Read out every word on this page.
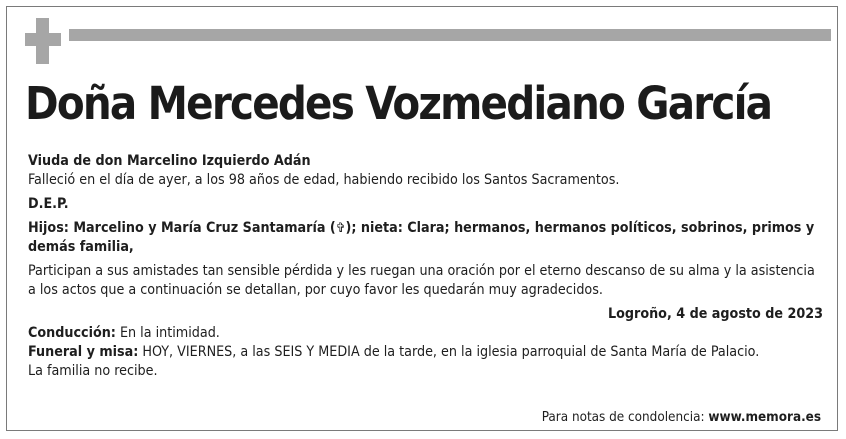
Doña Mercedes Vozmediano García

Viuda de don Marcelino Izquierdo Adán

Falleció en el día de ayer, a los 98 años de edad, habiendo recibido los Santos Sacramentos.

D.E.P.

Hijos: Marcelino y María Cruz Santamaría (✞); nieta: Clara; hermanos, hermanos políticos, sobrinos, primos y demás familia,

Participan a sus amistades tan sensible pérdida y les ruegan una oración por el eterno descanso de su alma y la asistencia a los actos que a continuación se detallan, por cuyo favor les quedarán muy agradecidos.

Logroño, 4 de agosto de 2023

Conducción: En la intimidad.

Funeral y misa: HOY, VIERNES, a las SEIS Y MEDIA de la tarde, en la iglesia parroquial de Santa María de Palacio.

La familia no recibe.

Para notas de condolencia: www.memora.es
